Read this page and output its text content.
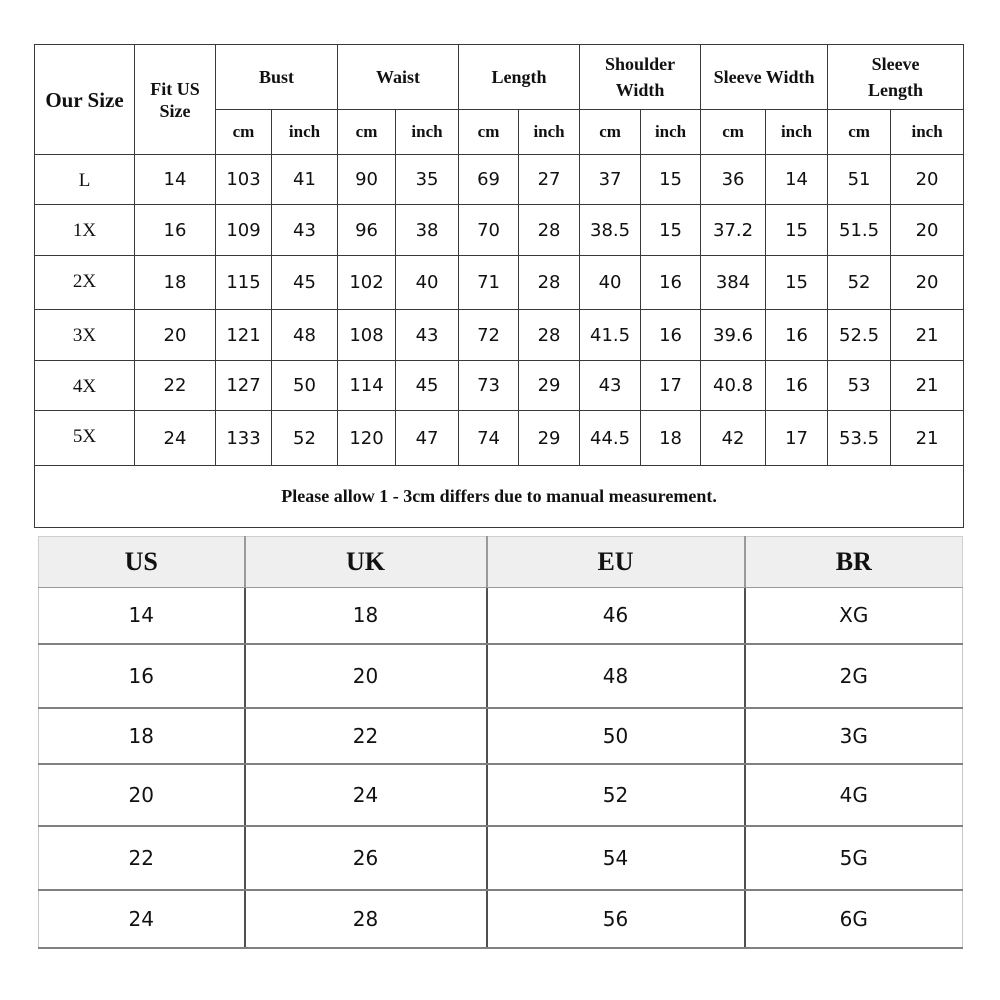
Our Size	Fit US Size	Bust		Waist		Length		Shoulder Width		Sleeve Width		Sleeve Length	

		cm	inch	cm	inch	cm	inch	cm	inch	cm	inch	cm	inch
L	14	103	41	90	35	69	27	37	15	36	14	51	20
1X	16	109	43	96	38	70	28	38.5	15	37.2	15	51.5	20
2X	18	115	45	102	40	71	28	40	16	384	15	52	20
3X	20	121	48	108	43	72	28	41.5	16	39.6	16	52.5	21
4X	22	127	50	114	45	73	29	43	17	40.8	16	53	21
5X	24	133	52	120	47	74	29	44.5	18	42	17	53.5	21
Please allow 1 - 3cm differs due to manual measurement.													
US	UK	EU	BR
14	18	46	XG
16	20	48	2G
18	22	50	3G
20	24	52	4G
22	26	54	5G
24	28	56	6G
